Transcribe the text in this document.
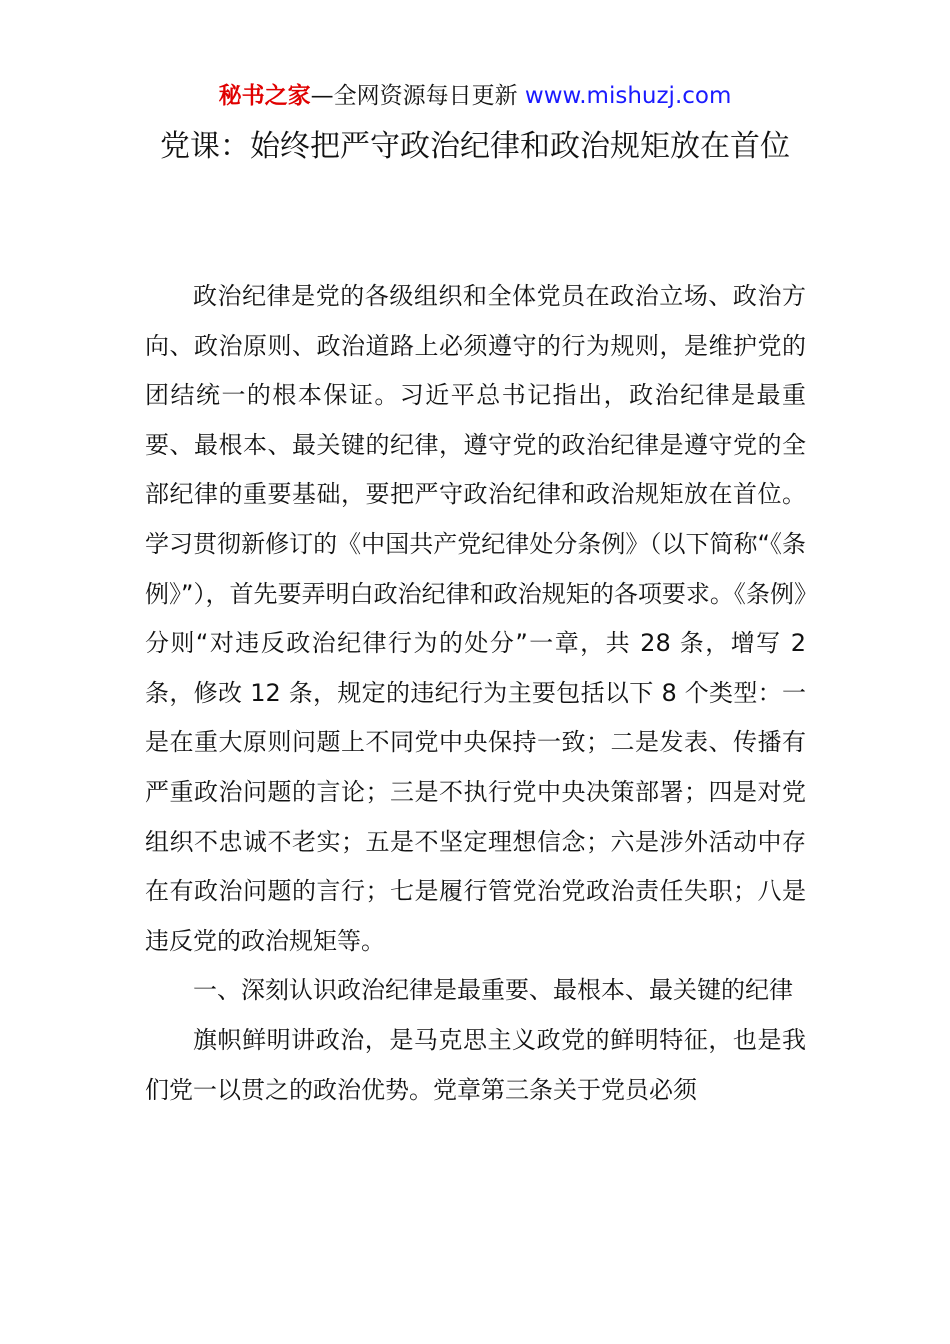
秘书之家—全网资源每日更新 www.mishuzj.com
党课：始终把严守政治纪律和政治规矩放在首位

政治纪律是党的各级组织和全体党员在政治立场、政治方向、政治原则、政治道路上必须遵守的行为规则，是维护党的团结统一的根本保证。习近平总书记指出，政治纪律是最重要、最根本、最关键的纪律，遵守党的政治纪律是遵守党的全部纪律的重要基础，要把严守政治纪律和政治规矩放在首位。学习贯彻新修订的《中国共产党纪律处分条例》（以下简称“《条例》”），首先要弄明白政治纪律和政治规矩的各项要求。《条例》分则“对违反政治纪律行为的处分”一章，共 28 条，增写 2 条，修改 12 条，规定的违纪行为主要包括以下 8 个类型：一是在重大原则问题上不同党中央保持一致；二是发表、传播有严重政治问题的言论；三是不执行党中央决策部署；四是对党组织不忠诚不老实；五是不坚定理想信念；六是涉外活动中存在有政治问题的言行；七是履行管党治党政治责任失职；八是违反党的政治规矩等。

一、深刻认识政治纪律是最重要、最根本、最关键的纪律

旗帜鲜明讲政治，是马克思主义政党的鲜明特征，也是我们党一以贯之的政治优势。党章第三条关于党员必须
